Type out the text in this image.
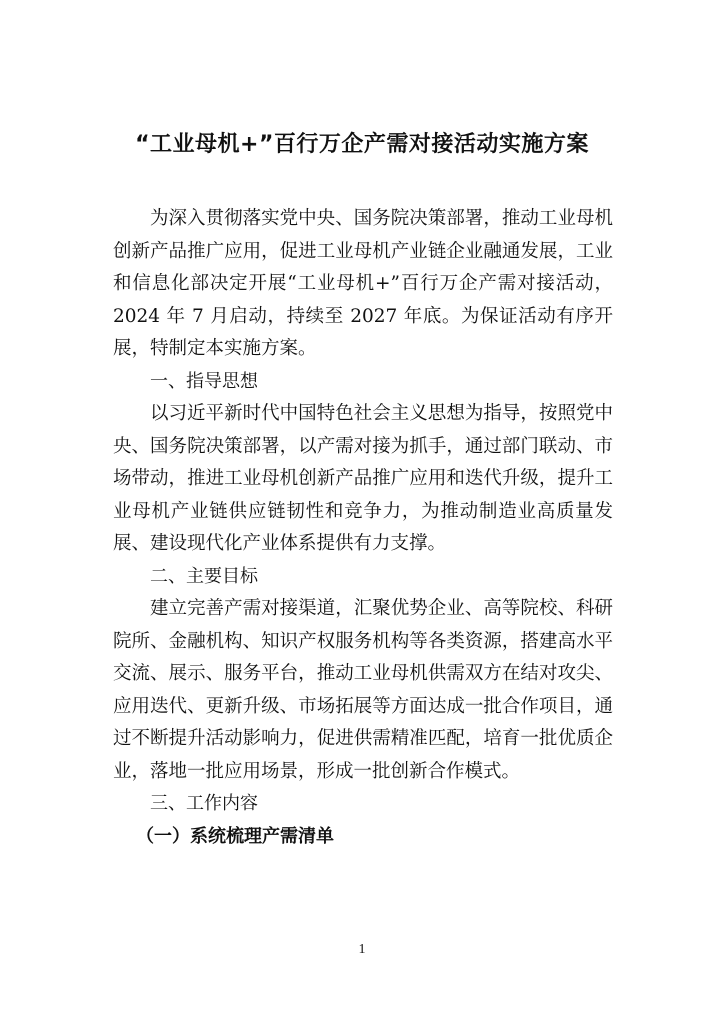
“工业母机+”百行万企产需对接活动实施方案

为深入贯彻落实党中央、国务院决策部署，推动工业母机创新产品推广应用，促进工业母机产业链企业融通发展，工业和信息化部决定开展“工业母机+”百行万企产需对接活动，2024 年 7 月启动，持续至 2027 年底。为保证活动有序开展，特制定本实施方案。

一、指导思想

以习近平新时代中国特色社会主义思想为指导，按照党中央、国务院决策部署，以产需对接为抓手，通过部门联动、市场带动，推进工业母机创新产品推广应用和迭代升级，提升工业母机产业链供应链韧性和竞争力，为推动制造业高质量发展、建设现代化产业体系提供有力支撑。

二、主要目标

建立完善产需对接渠道，汇聚优势企业、高等院校、科研院所、金融机构、知识产权服务机构等各类资源，搭建高水平交流、展示、服务平台，推动工业母机供需双方在结对攻尖、应用迭代、更新升级、市场拓展等方面达成一批合作项目，通过不断提升活动影响力，促进供需精准匹配，培育一批优质企业，落地一批应用场景，形成一批创新合作模式。

三、工作内容

（一）系统梳理产需清单

1
